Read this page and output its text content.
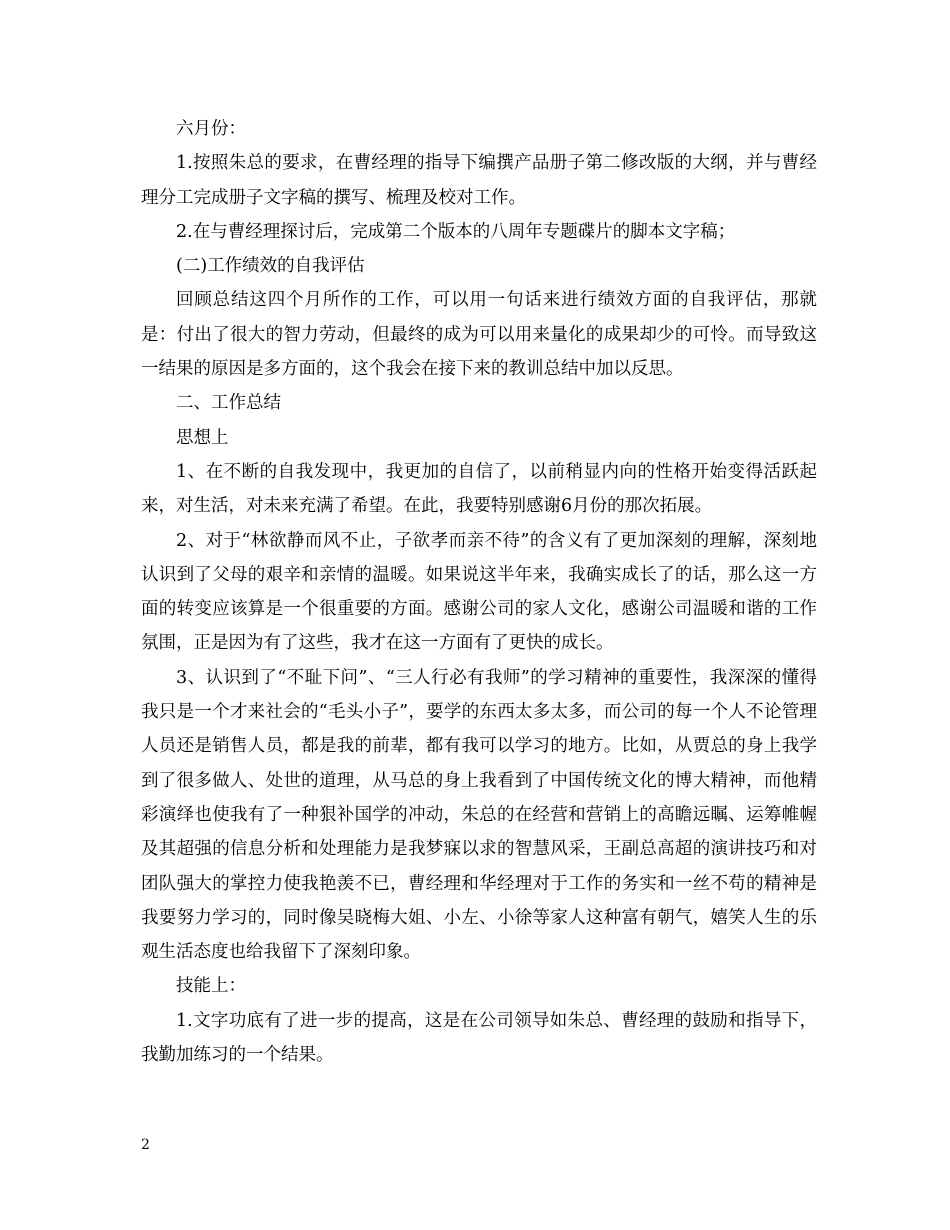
六月份：

1.按照朱总的要求，在曹经理的指导下编撰产品册子第二修改版的大纲，并与曹经理分工完成册子文字稿的撰写、梳理及校对工作。

2.在与曹经理探讨后，完成第二个版本的八周年专题碟片的脚本文字稿；

(二)工作绩效的自我评估

回顾总结这四个月所作的工作，可以用一句话来进行绩效方面的自我评估，那就是：付出了很大的智力劳动，但最终的成为可以用来量化的成果却少的可怜。而导致这一结果的原因是多方面的，这个我会在接下来的教训总结中加以反思。

二、工作总结

思想上

1、在不断的自我发现中，我更加的自信了，以前稍显内向的性格开始变得活跃起来，对生活，对未来充满了希望。在此，我要特别感谢6月份的那次拓展。

2、对于“林欲静而风不止，子欲孝而亲不待”的含义有了更加深刻的理解，深刻地认识到了父母的艰辛和亲情的温暖。如果说这半年来，我确实成长了的话，那么这一方面的转变应该算是一个很重要的方面。感谢公司的家人文化，感谢公司温暖和谐的工作氛围，正是因为有了这些，我才在这一方面有了更快的成长。

3、认识到了“不耻下问”、“三人行必有我师”的学习精神的重要性，我深深的懂得我只是一个才来社会的“毛头小子”，要学的东西太多太多，而公司的每一个人不论管理人员还是销售人员，都是我的前辈，都有我可以学习的地方。比如，从贾总的身上我学到了很多做人、处世的道理，从马总的身上我看到了中国传统文化的博大精神，而他精彩演绎也使我有了一种狠补国学的冲动，朱总的在经营和营销上的高瞻远瞩、运筹帷幄及其超强的信息分析和处理能力是我梦寐以求的智慧风采，王副总高超的演讲技巧和对团队强大的掌控力使我艳羡不已，曹经理和华经理对于工作的务实和一丝不苟的精神是我要努力学习的，同时像吴晓梅大姐、小左、小徐等家人这种富有朝气，嬉笑人生的乐观生活态度也给我留下了深刻印象。

技能上：

1.文字功底有了进一步的提高，这是在公司领导如朱总、曹经理的鼓励和指导下，我勤加练习的一个结果。

2
